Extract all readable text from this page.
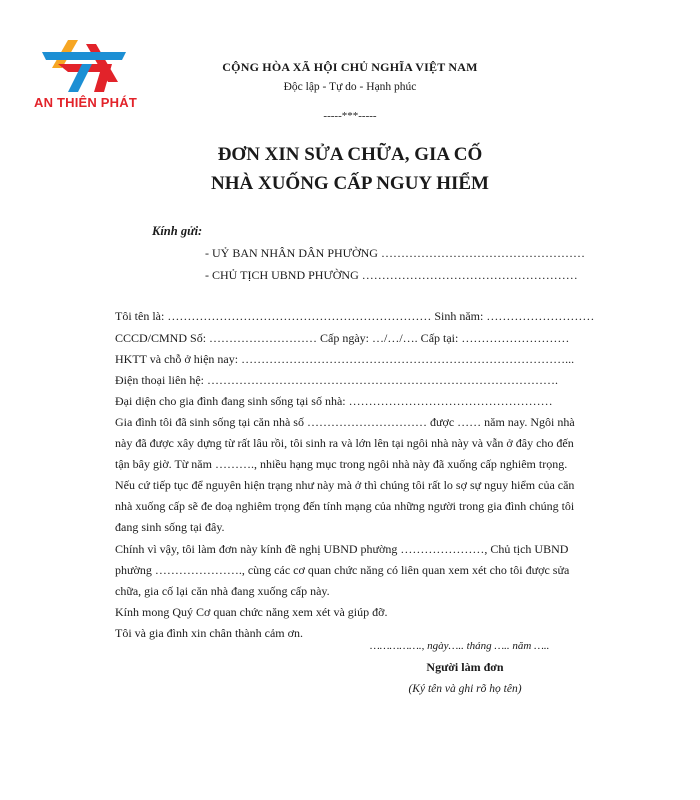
AN THIÊN PHÁT
CỘNG HÒA XÃ HỘI CHỦ NGHĨA VIỆT NAM
Độc lập - Tự do - Hạnh phúc
-----***-----
ĐƠN XIN SỬA CHỮA, GIA CỐ
NHÀ XUỐNG CẤP NGUY HIỂM
Kính gửi:
- UỶ BAN NHÂN DÂN PHƯỜNG ……………………………………………
- CHỦ TỊCH UBND PHƯỜNG ………………………………………………
Tôi tên là: ………………………………………………………… Sinh năm: ………………………
CCCD/CMND Số: ……………………… Cấp ngày: …/…/…. Cấp tại: ………………………
HKTT và chỗ ở hiện nay: ………………………………………………………………………...
Điện thoại liên hệ: …………………………………………………………………………….
Đại diện cho gia đình đang sinh sống tại số nhà: ……………………………………………
Gia đình tôi đã sinh sống tại căn nhà số ………………………… được …… năm nay. Ngôi nhà
này đã được xây dựng từ rất lâu rồi, tôi sinh ra và lớn lên tại ngôi nhà này và vẫn ở đây cho đến
tận bây giờ. Từ năm ………., nhiều hạng mục trong ngôi nhà này đã xuống cấp nghiêm trọng.
Nếu cứ tiếp tục để nguyên hiện trạng như này mà ở thì chúng tôi rất lo sợ sự nguy hiểm của căn
nhà xuống cấp sẽ đe doạ nghiêm trọng đến tính mạng của những người trong gia đình chúng tôi
đang sinh sống tại đây.
Chính vì vậy, tôi làm đơn này kính đề nghị UBND phường …………………, Chủ tịch UBND
phường …………………., cùng các cơ quan chức năng có liên quan xem xét cho tôi được sửa
chữa, gia cố lại căn nhà đang xuống cấp này.
Kính mong Quý Cơ quan chức năng xem xét và giúp đỡ.
Tôi và gia đình xin chân thành cảm ơn.
……………., ngày….. tháng ….. năm …..
Người làm đơn
(Ký tên và ghi rõ họ tên)
